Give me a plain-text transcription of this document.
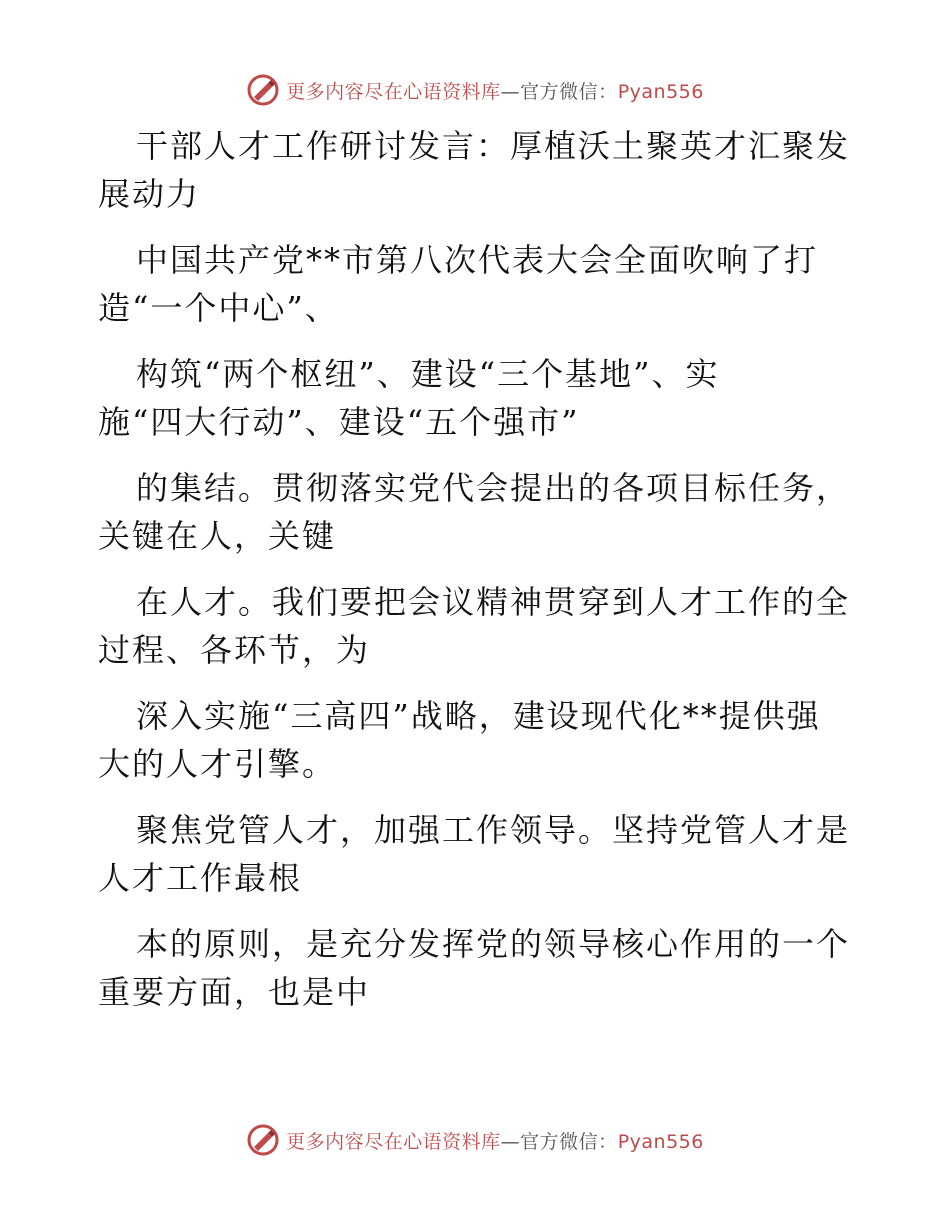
更多内容尽在心语资料库—官方微信：Pyan556

干部人才工作研讨发言：厚植沃土聚英才汇聚发

展动力

中国共产党**市第八次代表大会全面吹响了打

造“一个中心”、

构筑“两个枢纽”、建设“三个基地”、实

施“四大行动”、建设“五个强市”

的集结。贯彻落实党代会提出的各项目标任务，

关键在人，关键

在人才。我们要把会议精神贯穿到人才工作的全

过程、各环节，为

深入实施“三高四”战略，建设现代化**提供强

大的人才引擎。

聚焦党管人才，加强工作领导。坚持党管人才是

人才工作最根

本的原则，是充分发挥党的领导核心作用的一个

重要方面，也是中

更多内容尽在心语资料库—官方微信：Pyan556
